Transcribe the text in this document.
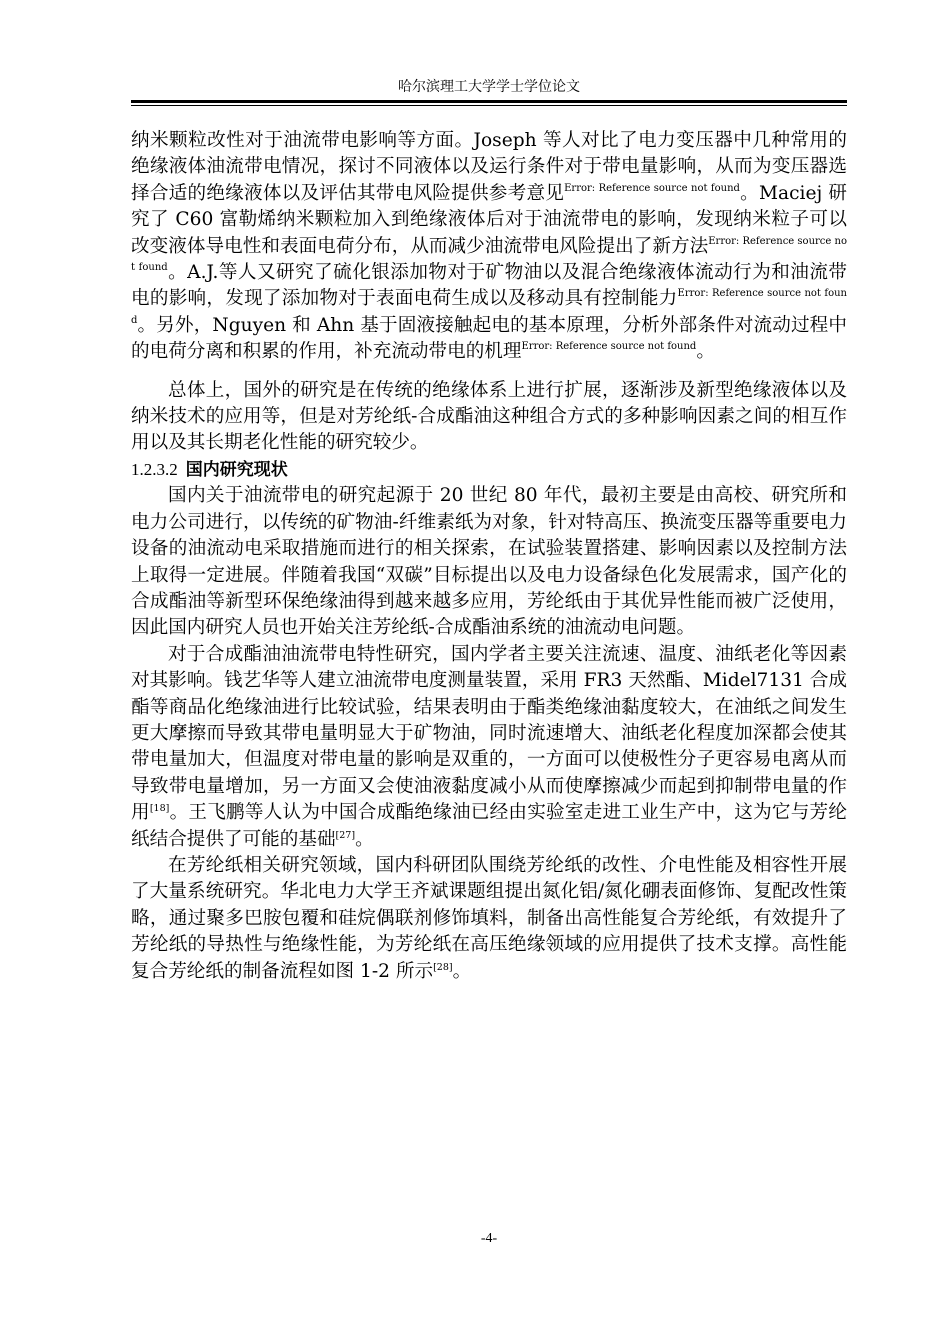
哈尔滨理工大学学士学位论文

纳米颗粒改性对于油流带电影响等方面。Joseph 等人对比了电力变压器中几种常用的绝缘液体油流带电情况，探讨不同液体以及运行条件对于带电量影响，从而为变压器选择合适的绝缘液体以及评估其带电风险提供参考意见$^{Error: Reference source not found}$。Maciej 研究了 C60 富勒烯纳米颗粒加入到绝缘液体后对于油流带电的影响，发现纳米粒子可以改变液体导电性和表面电荷分布，从而减少油流带电风险提出了新方法$^{Error: Reference source not found}$。A.J.等人又研究了硫化银添加物对于矿物油以及混合绝缘液体流动行为和油流带电的影响，发现了添加物对于表面电荷生成以及移动具有控制能力$^{Error: Reference source not found}$。另外，Nguyen 和 Ahn 基于固液接触起电的基本原理，分析外部条件对流动过程中的电荷分离和积累的作用，补充流动带电的机理$^{Error: Reference source not found}$。

总体上，国外的研究是在传统的绝缘体系上进行扩展，逐渐涉及新型绝缘液体以及纳米技术的应用等，但是对芳纶纸-合成酯油这种组合方式的多种影响因素之间的相互作用以及其长期老化性能的研究较少。

1.2.3.2 国内研究现状

国内关于油流带电的研究起源于 20 世纪 80 年代，最初主要是由高校、研究所和电力公司进行，以传统的矿物油-纤维素纸为对象，针对特高压、换流变压器等重要电力设备的油流动电采取措施而进行的相关探索，在试验装置搭建、影响因素以及控制方法上取得一定进展。伴随着我国“双碳”目标提出以及电力设备绿色化发展需求，国产化的合成酯油等新型环保绝缘油得到越来越多应用，芳纶纸由于其优异性能而被广泛使用，因此国内研究人员也开始关注芳纶纸-合成酯油系统的油流动电问题。

对于合成酯油油流带电特性研究，国内学者主要关注流速、温度、油纸老化等因素对其影响。钱艺华等人建立油流带电度测量装置，采用 FR3 天然酯、Midel7131 合成酯等商品化绝缘油进行比较试验，结果表明由于酯类绝缘油黏度较大，在油纸之间发生更大摩擦而导致其带电量明显大于矿物油，同时流速增大、油纸老化程度加深都会使其带电量加大，但温度对带电量的影响是双重的，一方面可以使极性分子更容易电离从而导致带电量增加，另一方面又会使油液黏度减小从而使摩擦减少而起到抑制带电量的作用[18]。王飞鹏等人认为中国合成酯绝缘油已经由实验室走进工业生产中，这为它与芳纶纸结合提供了可能的基础[27]。

在芳纶纸相关研究领域，国内科研团队围绕芳纶纸的改性、介电性能及相容性开展了大量系统研究。华北电力大学王齐斌课题组提出氮化铝/氮化硼表面修饰、复配改性策略，通过聚多巴胺包覆和硅烷偶联剂修饰填料，制备出高性能复合芳纶纸，有效提升了芳纶纸的导热性与绝缘性能，为芳纶纸在高压绝缘领域的应用提供了技术支撑。高性能复合芳纶纸的制备流程如图 1-2 所示[28]。

-4-
